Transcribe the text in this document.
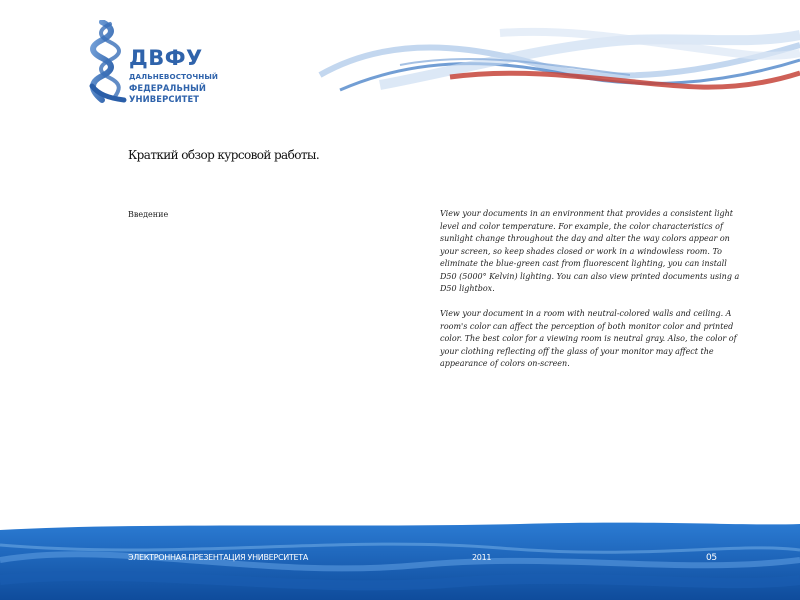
ДВФУ
ДАЛЬНЕВОСТОЧНЫЙ
ФЕДЕРАЛЬНЫЙ
УНИВЕРСИТЕТ
Краткий обзор курсовой работы.
Введение	View your documents in an environment that provides a consistent light level and color temperature. For example, the color characteristics of sunlight change throughout the day and alter the way colors appear on your screen, so keep shades closed or work in a windowless room. To eliminate the blue-green cast from fluorescent lighting, you can install D50 (5000° Kelvin) lighting. You can also view printed documents using a D50 lightbox.

View your document in a room with neutral-colored walls and ceiling. A room's color can affect the perception of both monitor color and printed color. The best color for a viewing room is neutral gray. Also, the color of your clothing reflecting off the glass of your monitor may affect the appearance of colors on-screen.

ЭЛЕКТРОННАЯ ПРЕЗЕНТАЦИЯ УНИВЕРСИТЕТА	2011	05
